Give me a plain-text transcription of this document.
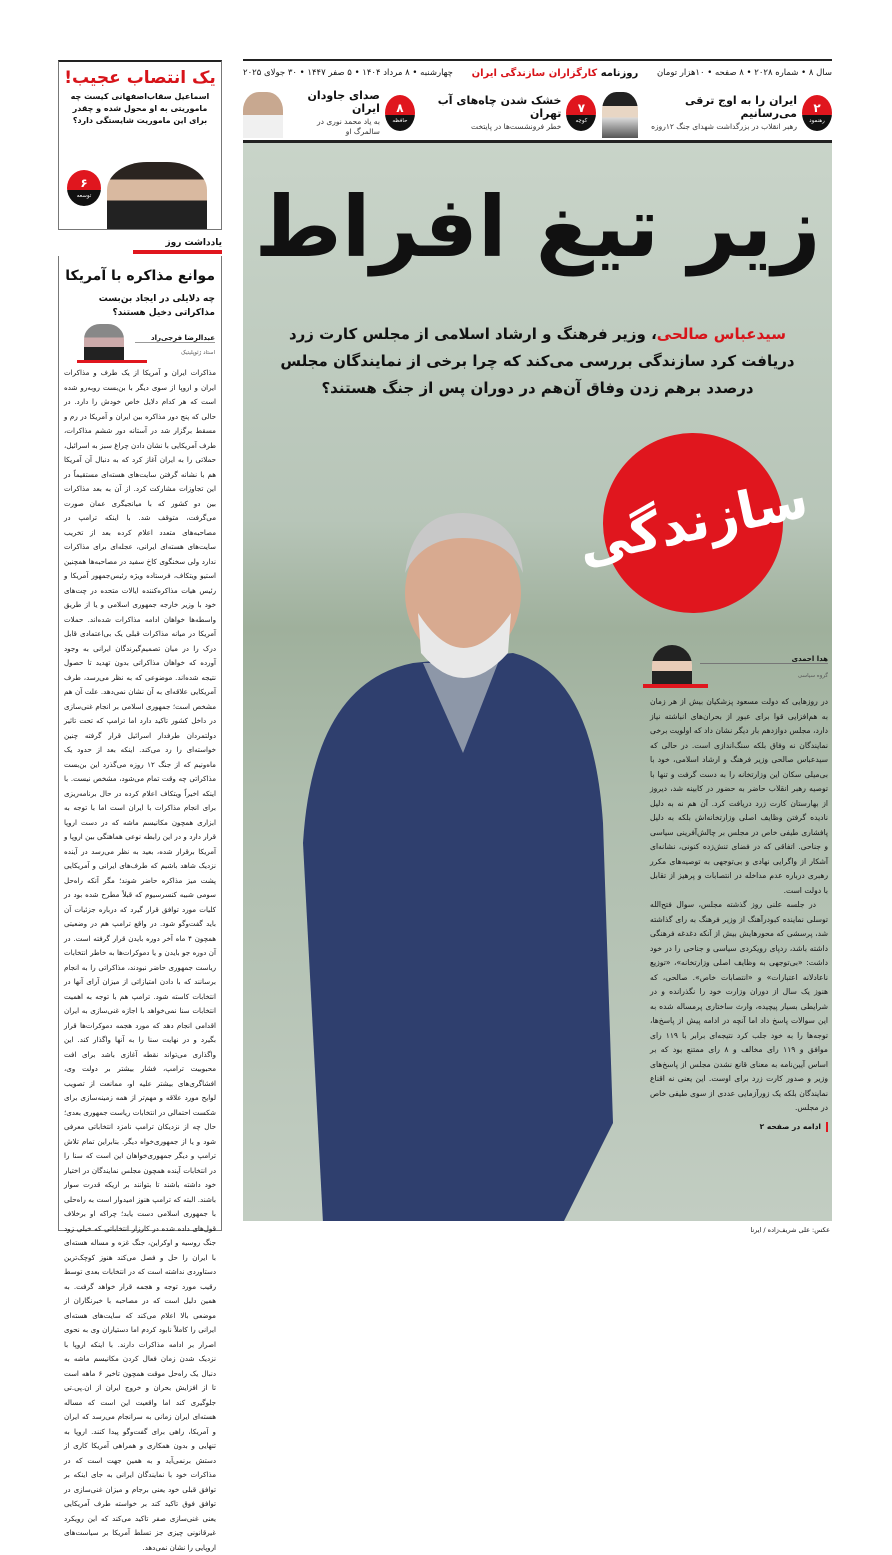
سال ۸ • شماره ۲۰۲۸ • ۸ صفحه • ۱۰هزار تومان
روزنامه کارگزاران سازندگی ایران
چهارشنبه • ۸ مرداد ۱۴۰۴ • ۵ صفر ۱۴۴۷ • ۳۰ جولای ۲۰۲۵
۲
رهنمود
ایران را به اوج ترقی می‌رسانیم
رهبر انقلاب در بزرگداشت شهدای جنگ ۱۲روزه
۷
کوچه
خشک شدن چاه‌های آب تهران
خطر فرونشست‌ها در پایتخت
۸
حافظه
صدای جاودان ایران
به یاد محمد نوری در سالمرگ او
یک انتصاب عجیب!
اسماعیل سقاب‌اصفهانی کیست چه ماموریتی به او محول شده و چقدر برای این ماموریت شایستگی دارد؟
۶
توسعه
یادداشت روز
موانع مذاکره با آمریکا
چه دلایلی در ایجاد بن‌بست مذاکراتی دخیل هستند؟
عبدالرضا فرجی‌راد
استاد ژئوپلیتیک
مذاکرات ایران و آمریکا از یک طرف و مذاکرات ایران و اروپا از سوی دیگر با بن‌بست روبه‌رو شده است که هر کدام دلایل خاص خودش را دارد. در حالی که پنج دور مذاکره بین ایران و آمریکا در رم و مسقط برگزار شد در آستانه دور ششم مذاکرات، طرف آمریکایی با نشان دادن چراغ سبز به اسرائیل، حملاتی را به ایران آغاز کرد که به دنبال آن آمریکا هم با نشانه گرفتن سایت‌های هسته‌ای مستقیماً در این تجاوزات مشارکت کرد. از آن به بعد مذاکرات بین دو کشور که با میانجیگری عمان صورت می‌گرفت، متوقف شد. با اینکه ترامپ در مصاحبه‌های متعدد اعلام کرده بعد از تخریب سایت‌های هسته‌ای ایرانی، عجله‌ای برای مذاکرات ندارد ولی سخنگوی کاخ سفید در مصاحبه‌ها همچنین استیو ویتکاف، فرستاده ویژه رئیس‌جمهور آمریکا و رئیس هیات مذاکره‌کننده ایالات متحده در چت‌های خود با وزیر خارجه جمهوری اسلامی و یا از طریق واسطه‌ها خواهان ادامه مذاکرات شده‌اند. حملات آمریکا در میانه مذاکرات قبلی یک بی‌اعتمادی قابل درک را در میان تصمیم‌گیرندگان ایرانی به وجود آورده که خواهان مذاکراتی بدون تهدید تا حصول نتیجه شده‌اند. موضوعی که به نظر می‌رسد، طرف آمریکایی علاقه‌ای به آن نشان نمی‌دهد. علت آن هم مشخص است؛ جمهوری اسلامی بر انجام غنی‌سازی در داخل کشور تاکید دارد اما ترامپ که تحت تاثیر دولتمردان طرفدار اسرائیل قرار گرفته چنین خواسته‌ای را رد می‌کند. اینکه بعد از حدود یک ماه‌ونیم که از جنگ ۱۲ روزه می‌گذرد این بن‌بست مذاکراتی چه وقت تمام می‌شود، مشخص نیست. با اینکه اخیراً ویتکاف اعلام کرده در حال برنامه‌ریزی برای انجام مذاکرات با ایران است اما با توجه به ابزاری همچون مکانیسم ماشه که در دست اروپا قرار دارد و در این رابطه نوعی هماهنگی بین اروپا و آمریکا برقرار شده، بعید به نظر می‌رسد در آینده نزدیک شاهد باشیم که طرف‌های ایرانی و آمریکایی پشت میز مذاکره حاضر شوند؛ مگر آنکه راه‌حل سومی شبیه کنسرسیوم که قبلاً مطرح شده بود در کلیات مورد توافق قرار گیرد که درباره جزئیات آن باید گفت‌وگو شود. در واقع ترامپ هم در وضعیتی همچون ۴ ماه آخر دوره بایدن قرار گرفته است. در آن دوره جو بایدن و یا دموکرات‌ها به خاطر انتخابات ریاست جمهوری حاضر نبودند، مذاکراتی را به انجام برسانند که با دادن امتیازاتی از میزان آرای آنها در انتخابات کاسته شود. ترامپ هم با توجه به اهمیت انتخابات سنا نمی‌خواهد با اجازه غنی‌سازی به ایران اقدامی انجام دهد که مورد هجمه دموکرات‌ها قرار بگیرد و در نهایت سنا را به آنها واگذار کند. این واگذاری می‌تواند نقطه آغازی باشد برای افت محبوبیت ترامپ، فشار بیشتر بر دولت وی، افشاگری‌های بیشتر علیه او، ممانعت از تصویب لوایح مورد علاقه و مهم‌تر از همه زمینه‌سازی برای شکست احتمالی در انتخابات ریاست جمهوری بعدی؛ حال چه از نزدیکان ترامپ نامزد انتخاباتی معرفی شود و یا از جمهوری‌خواه دیگر. بنابراین تمام تلاش ترامپ و دیگر جمهوری‌خواهان این است که سنا را در انتخابات آینده همچون مجلس نمایندگان در اختیار خود داشته باشند تا بتوانند بر اریکه قدرت سوار باشند. البته که ترامپ هنوز امیدوار است به راه‌حلی با جمهوری اسلامی دست یابد؛ چراکه او برخلاف قول‌های داده شده در کارزار انتخاباتی که خیلی زود جنگ روسیه و اوکراین، جنگ غزه و مساله هسته‌ای با ایران را حل و فصل می‌کند هنوز کوچک‌ترین دستاوردی نداشته است که در انتخابات بعدی توسط رقیب مورد توجه و هجمه قرار خواهد گرفت. به همین دلیل است که در مصاحبه با خبرنگاران از موضعی بالا اعلام می‌کند که سایت‌های هسته‌ای ایرانی را کاملاً نابود کردم اما دستیاران وی به نحوی اصرار بر ادامه مذاکرات دارند. با اینکه اروپا با نزدیک شدن زمان فعال کردن مکانیسم ماشه به دنبال یک راه‌حل موقت همچون تاخیر ۶ ماهه است تا از افزایش بحران و خروج ایران از ان.پی.تی جلوگیری کند اما واقعیت این است که مساله هسته‌ای ایران زمانی به سرانجام می‌رسد که ایران و آمریکا، راهی برای گفت‌وگو پیدا کنند. اروپا به تنهایی و بدون همکاری و همراهی آمریکا کاری از دستش برنمی‌آید و به همین جهت است که در مذاکرات خود با نمایندگان ایرانی به جای اینکه بر توافق قبلی خود یعنی برجام و میزان غنی‌سازی در توافق فوق تاکید کند بر خواسته طرف آمریکایی یعنی غنی‌سازی صفر تاکید می‌کند که این رویکرد غیرقانونی چیزی جز تسلط آمریکا بر سیاست‌های اروپایی را نشان نمی‌دهد.
زیر تیغ افراط
سیدعباس صالحی، وزیر فرهنگ و ارشاد اسلامی از مجلس کارت زرد دریافت کرد سازندگی بررسی می‌کند که چرا برخی از نمایندگان مجلس درصدد برهم زدن وفاق آن‌هم در دوران پس از جنگ هستند؟
سازندگی
هدا احمدی
گروه سیاسی

در روزهایی که دولت مسعود پزشکیان بیش از هر زمان به هم‌افزایی قوا برای عبور از بحران‌های انباشته نیاز دارد، مجلس دوازدهم بار دیگر نشان داد که اولویت برخی نمایندگان نه وفاق بلکه سنگ‌اندازی است. در حالی که سیدعباس صالحی وزیر فرهنگ و ارشاد اسلامی، خود با بی‌میلی سکان این وزارتخانه را به دست گرفت و تنها با توصیه رهبر انقلاب حاضر به حضور در کابینه شد، دیروز از بهارستان کارت زرد دریافت کرد. آن هم نه به دلیل نادیده گرفتن وظایف اصلی وزارتخانه‌اش بلکه به دلیل پافشاری طیفی خاص در مجلس بر چالش‌آفرینی سیاسی و جناحی. اتفاقی که در فضای تنش‌زده کنونی، نشانه‌ای آشکار از واگرایی نهادی و بی‌توجهی به توصیه‌های مکرر رهبری درباره عدم مداخله در انتصابات و پرهیز از تقابل با دولت است.

در جلسه علنی روز گذشته مجلس، سوال فتح‌الله توسلی نماینده کبودرآهنگ از وزیر فرهنگ به رای گذاشته شد، پرسشی که محورهایش بیش از آنکه دغدغه فرهنگی داشته باشد، ردپای رویکردی سیاسی و جناحی را در خود داشت: «بی‌توجهی به وظایف اصلی وزارتخانه»، «توزیع ناعادلانه اعتبارات» و «انتصابات خاص». صالحی، که هنوز یک سال از دوران وزارت خود را نگذرانده و در شرایطی بسیار پیچیده، وارث ساختاری پرمساله شده به این سوالات پاسخ داد اما آنچه در ادامه پیش از پاسخ‌ها، توجه‌ها را به خود جلب کرد نتیجه‌ای برابر با ۱۱۹ رای موافق و ۱۱۹ رای مخالف و ۸ رای ممتنع بود که بر اساس آیین‌نامه به معنای قانع نشدن مجلس از پاسخ‌های وزیر و صدور کارت زرد برای اوست. این یعنی نه اقناع نمایندگان بلکه یک زورآزمایی عددی از سوی طیفی خاص در مجلس.

ادامه در صفحه ۲
عکس: علی شریف‌زاده / ایرنا
